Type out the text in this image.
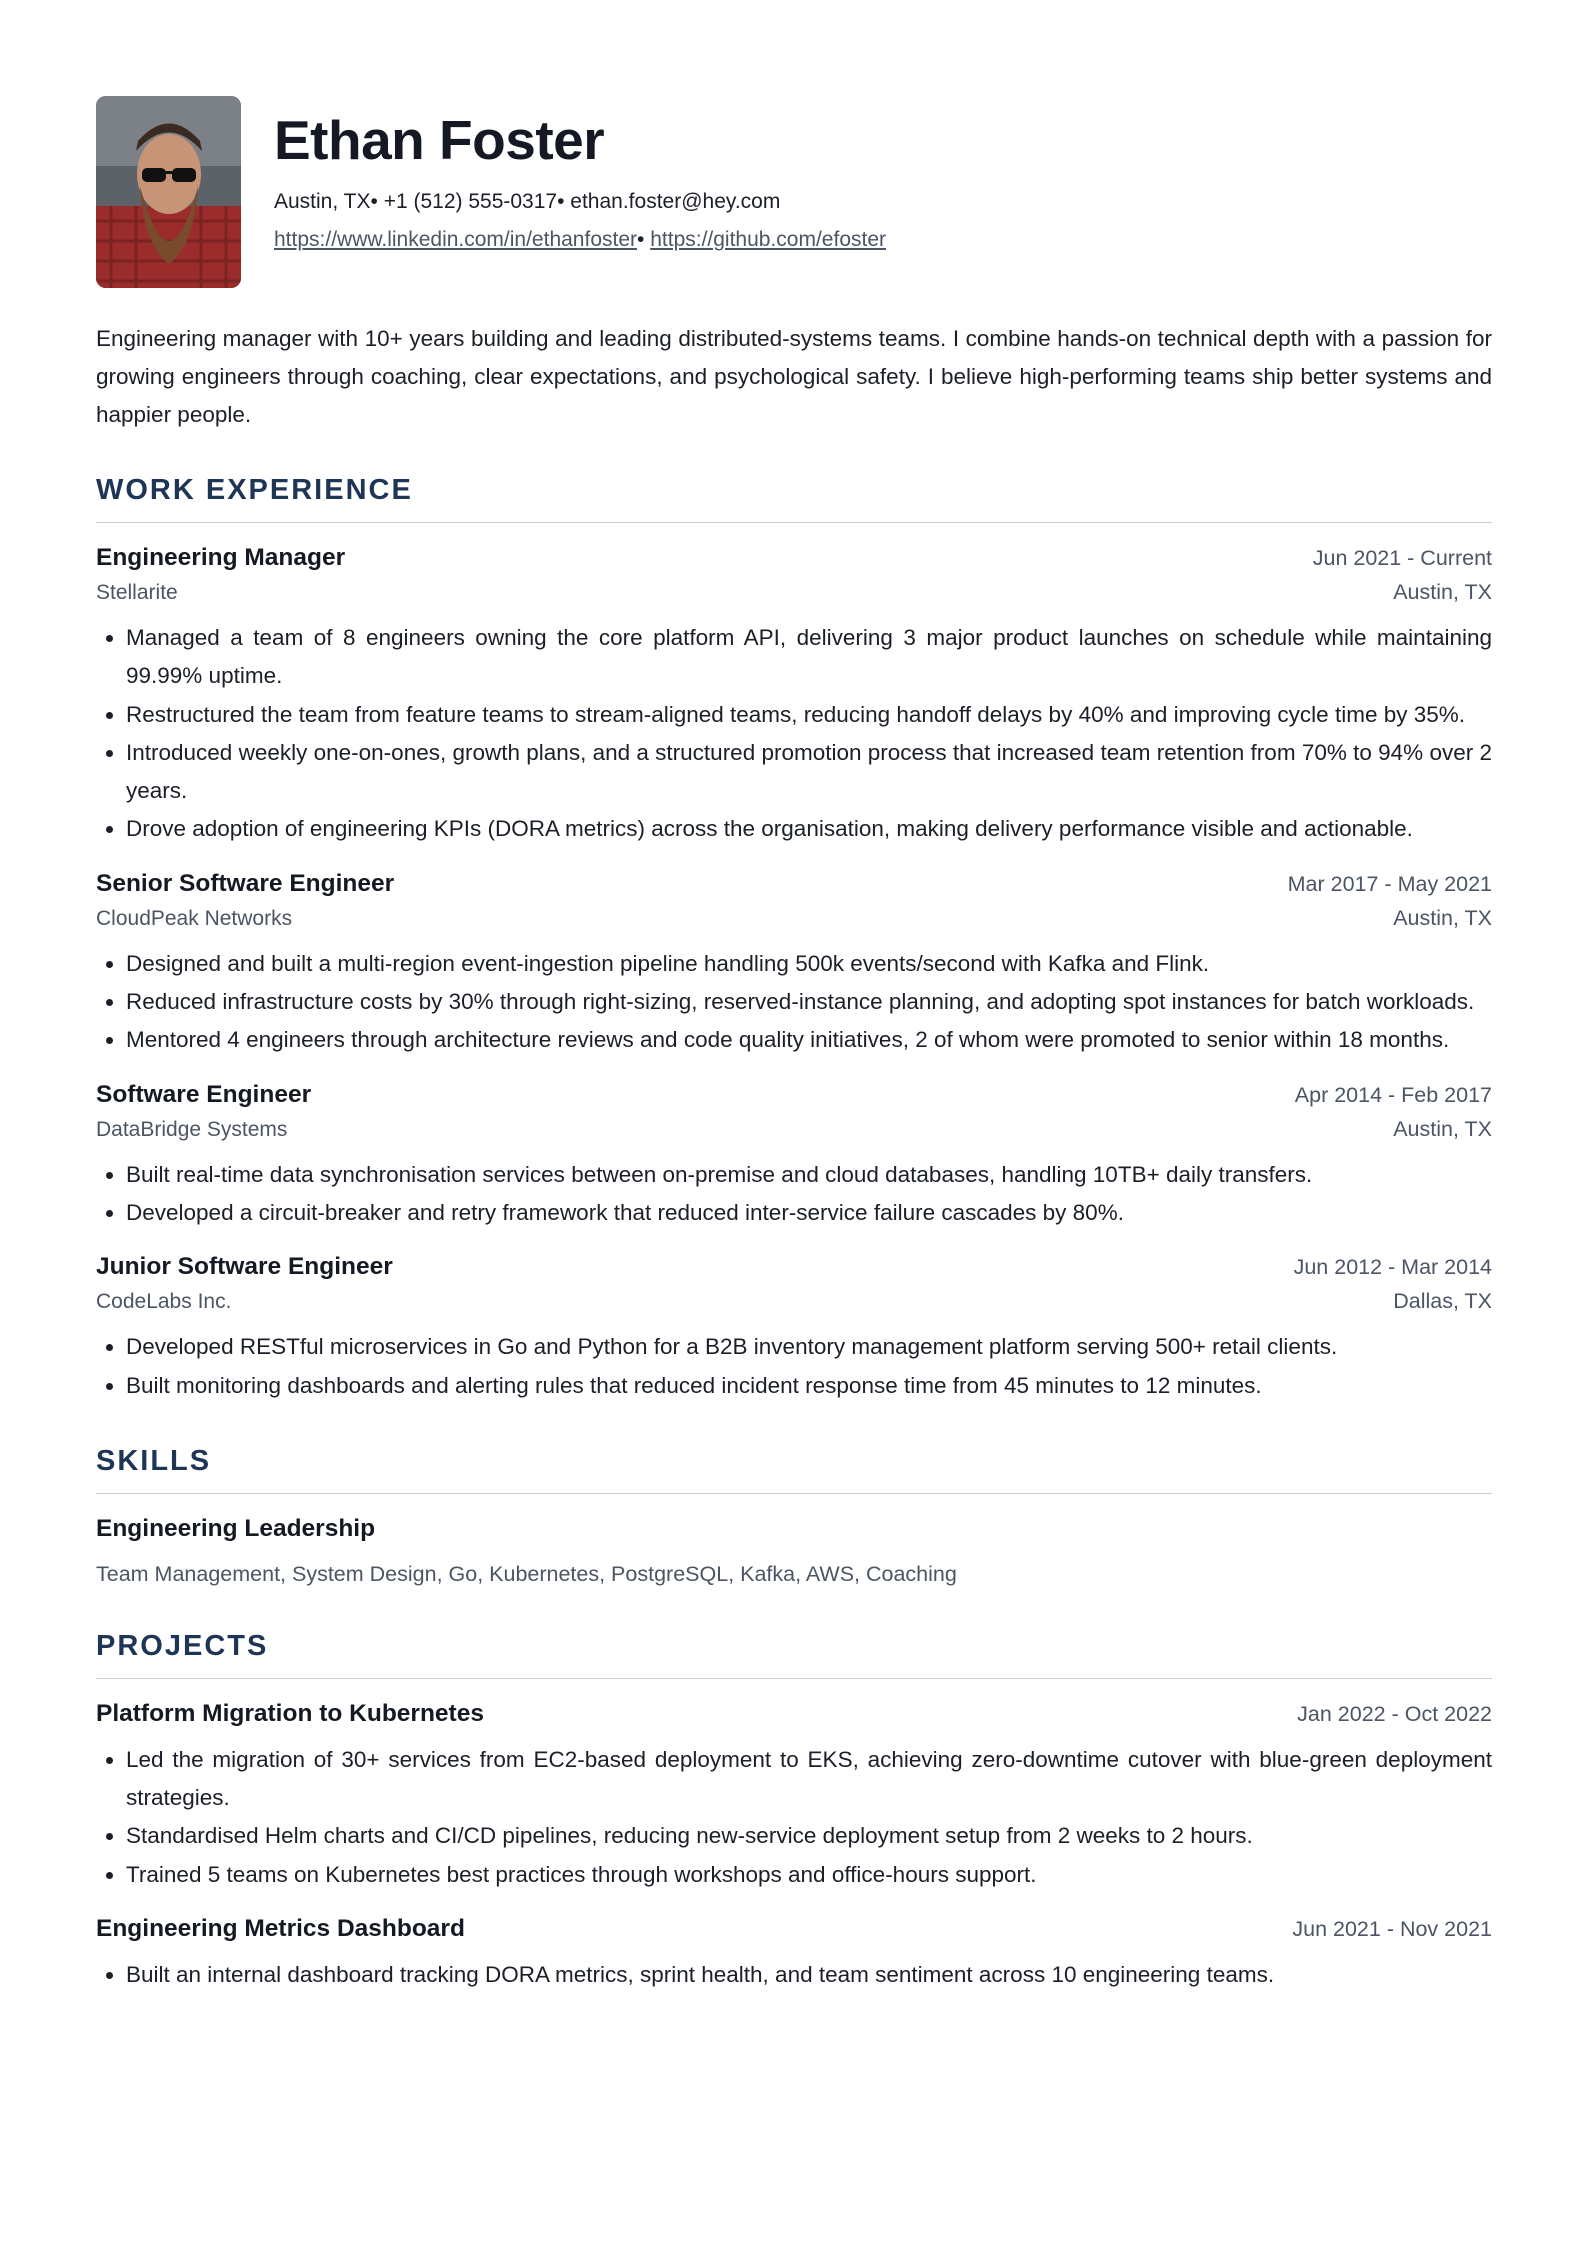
Ethan Foster
Austin, TX• +1 (512) 555-0317• ethan.foster@hey.com
https://www.linkedin.com/in/ethanfoster• https://github.com/efoster
Engineering manager with 10+ years building and leading distributed-systems teams. I combine hands-on technical depth with a passion for growing engineers through coaching, clear expectations, and psychological safety. I believe high-performing teams ship better systems and happier people.
WORK EXPERIENCE
Engineering Manager	Jun 2021 - Current
Stellarite	Austin, TX
• Managed a team of 8 engineers owning the core platform API, delivering 3 major product launches on schedule while maintaining 99.99% uptime.
• Restructured the team from feature teams to stream-aligned teams, reducing handoff delays by 40% and improving cycle time by 35%.
• Introduced weekly one-on-ones, growth plans, and a structured promotion process that increased team retention from 70% to 94% over 2 years.
• Drove adoption of engineering KPIs (DORA metrics) across the organisation, making delivery performance visible and actionable.
Senior Software Engineer	Mar 2017 - May 2021
CloudPeak Networks	Austin, TX
• Designed and built a multi-region event-ingestion pipeline handling 500k events/second with Kafka and Flink.
• Reduced infrastructure costs by 30% through right-sizing, reserved-instance planning, and adopting spot instances for batch workloads.
• Mentored 4 engineers through architecture reviews and code quality initiatives, 2 of whom were promoted to senior within 18 months.
Software Engineer	Apr 2014 - Feb 2017
DataBridge Systems	Austin, TX
• Built real-time data synchronisation services between on-premise and cloud databases, handling 10TB+ daily transfers.
• Developed a circuit-breaker and retry framework that reduced inter-service failure cascades by 80%.
Junior Software Engineer	Jun 2012 - Mar 2014
CodeLabs Inc.	Dallas, TX
• Developed RESTful microservices in Go and Python for a B2B inventory management platform serving 500+ retail clients.
• Built monitoring dashboards and alerting rules that reduced incident response time from 45 minutes to 12 minutes.
SKILLS
Engineering Leadership
Team Management, System Design, Go, Kubernetes, PostgreSQL, Kafka, AWS, Coaching
PROJECTS
Platform Migration to Kubernetes	Jan 2022 - Oct 2022
• Led the migration of 30+ services from EC2-based deployment to EKS, achieving zero-downtime cutover with blue-green deployment strategies.
• Standardised Helm charts and CI/CD pipelines, reducing new-service deployment setup from 2 weeks to 2 hours.
• Trained 5 teams on Kubernetes best practices through workshops and office-hours support.
Engineering Metrics Dashboard	Jun 2021 - Nov 2021
• Built an internal dashboard tracking DORA metrics, sprint health, and team sentiment across 10 engineering teams.
